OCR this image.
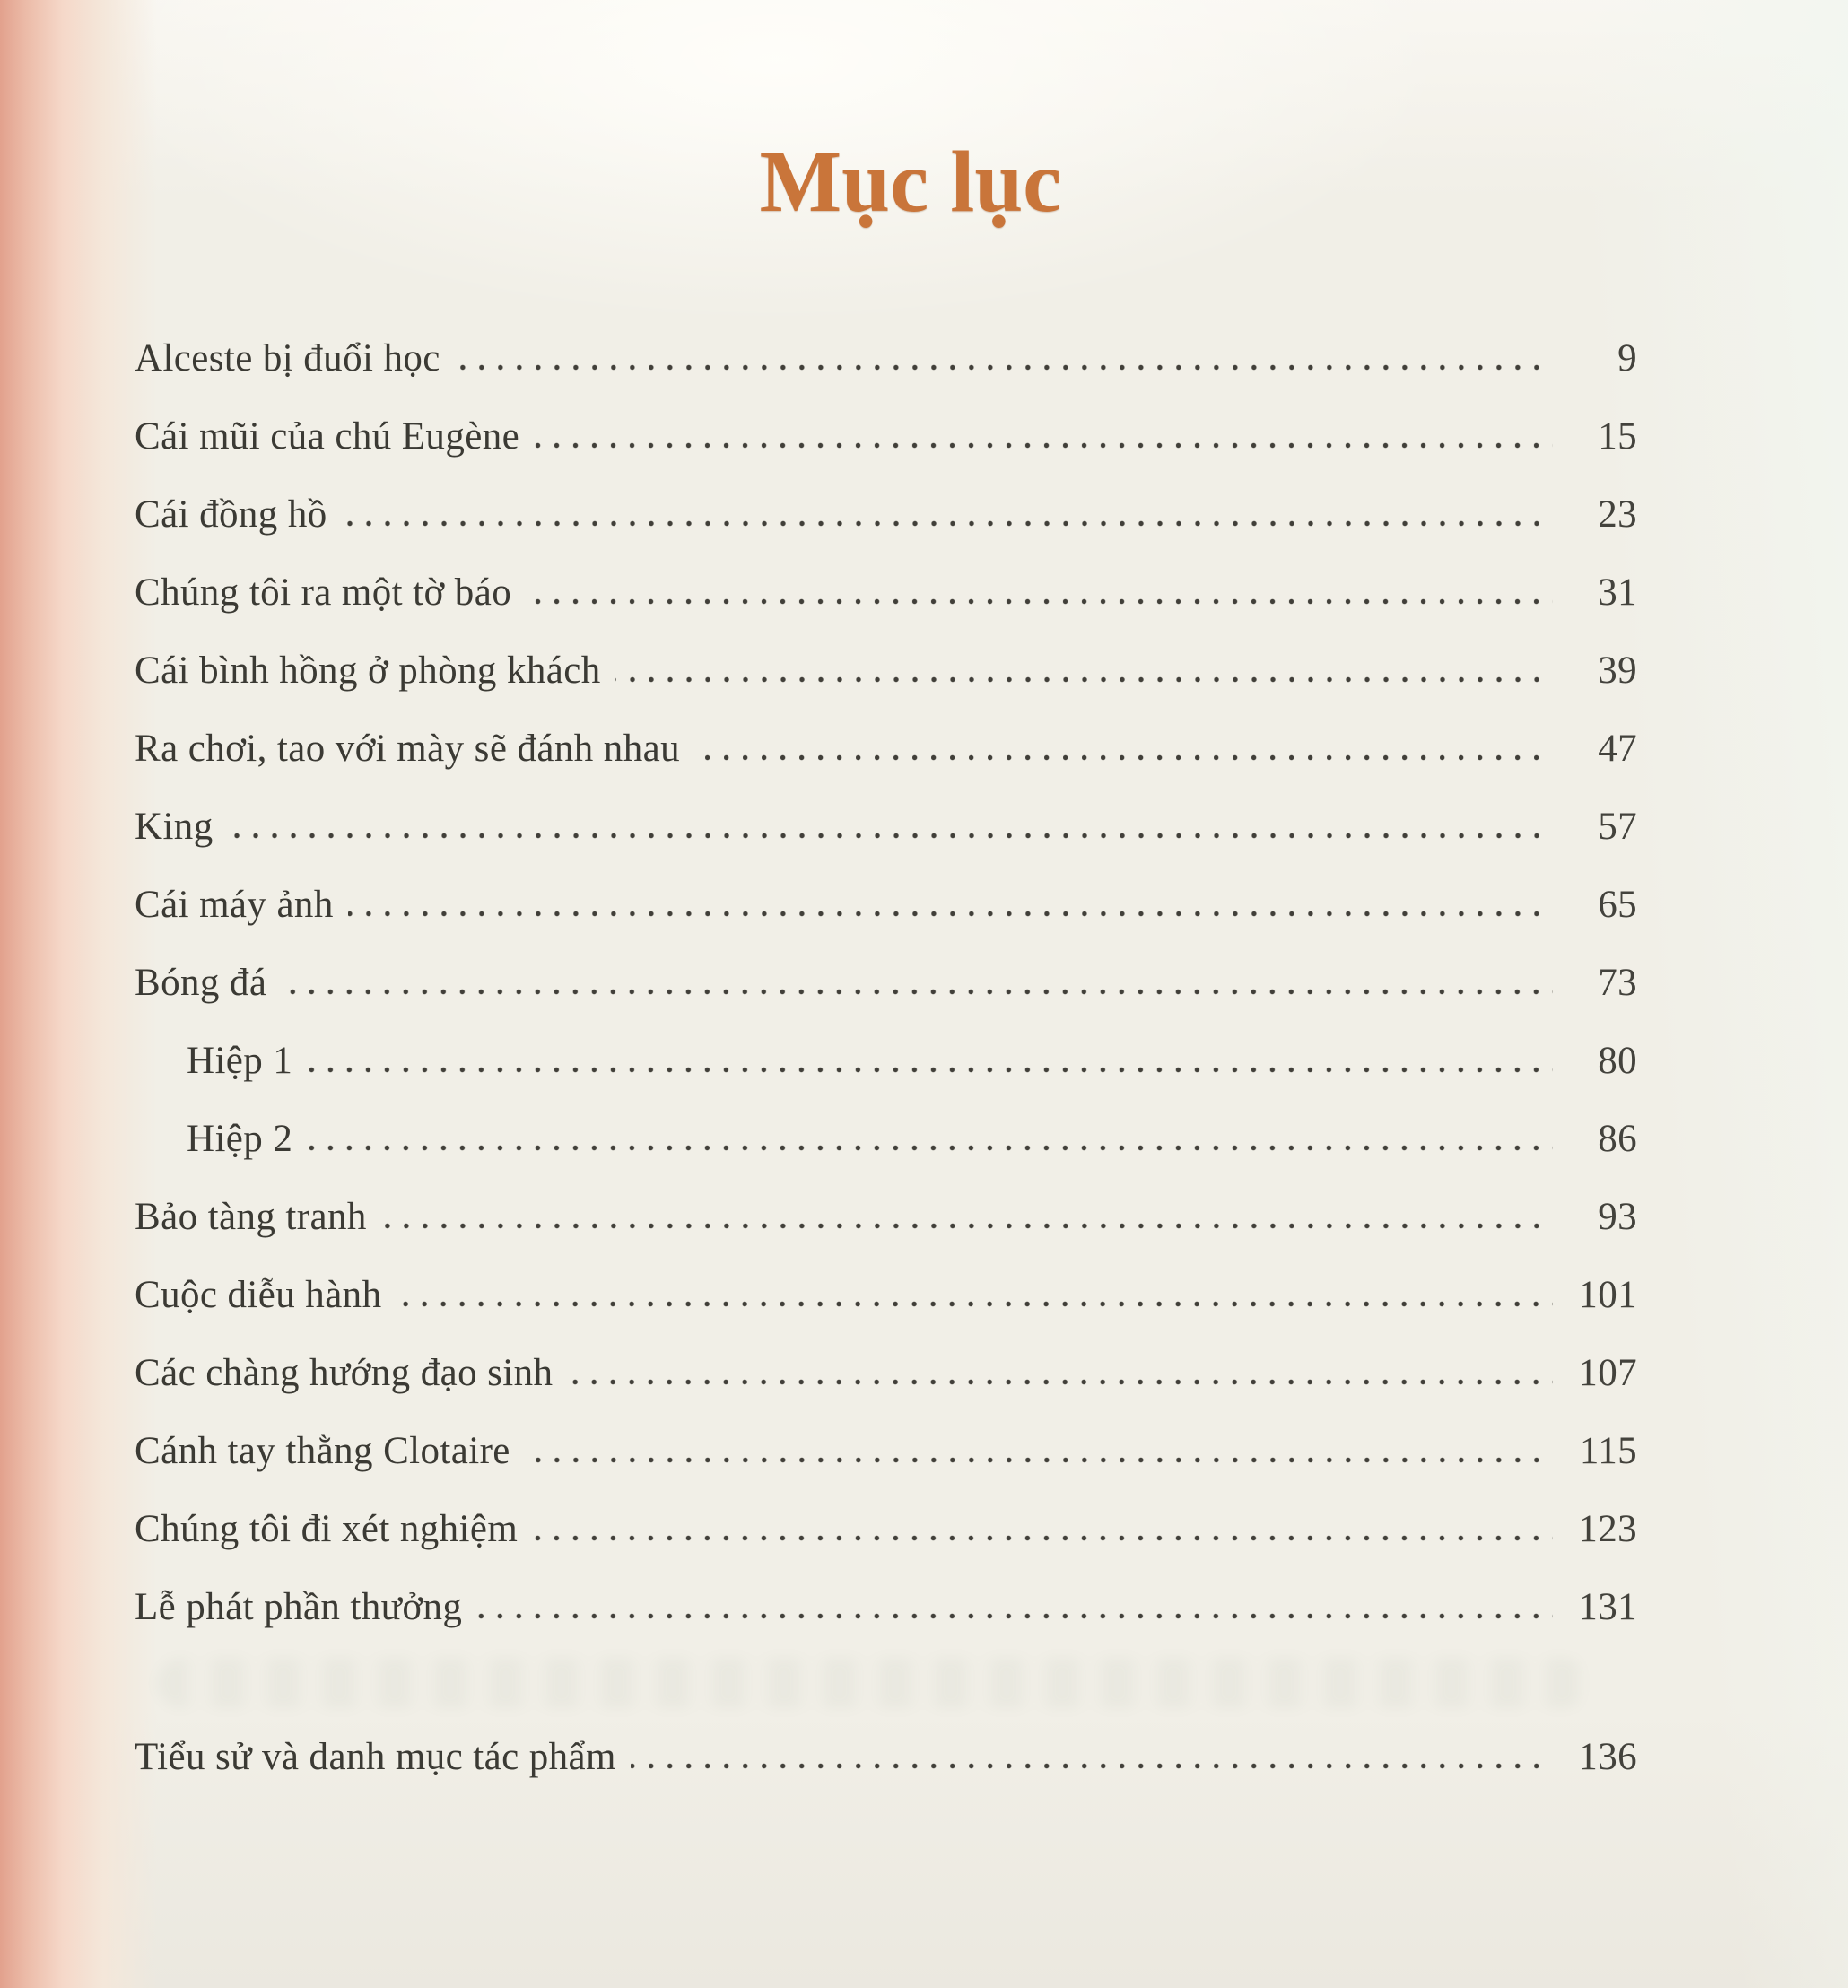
Mục lục
Alceste bị đuổi học	9
Cái mũi của chú Eugène	15
Cái đồng hồ	23
Chúng tôi ra một tờ báo	31
Cái bình hồng ở phòng khách	39
Ra chơi, tao với mày sẽ đánh nhau	47
King	57
Cái máy ảnh	65
Bóng đá	73
Hiệp 1	80
Hiệp 2	86
Bảo tàng tranh	93
Cuộc diễu hành	101
Các chàng hướng đạo sinh	107
Cánh tay thằng Clotaire	115
Chúng tôi đi xét nghiệm	123
Lễ phát phần thưởng	131
Tiểu sử và danh mục tác phẩm	136
